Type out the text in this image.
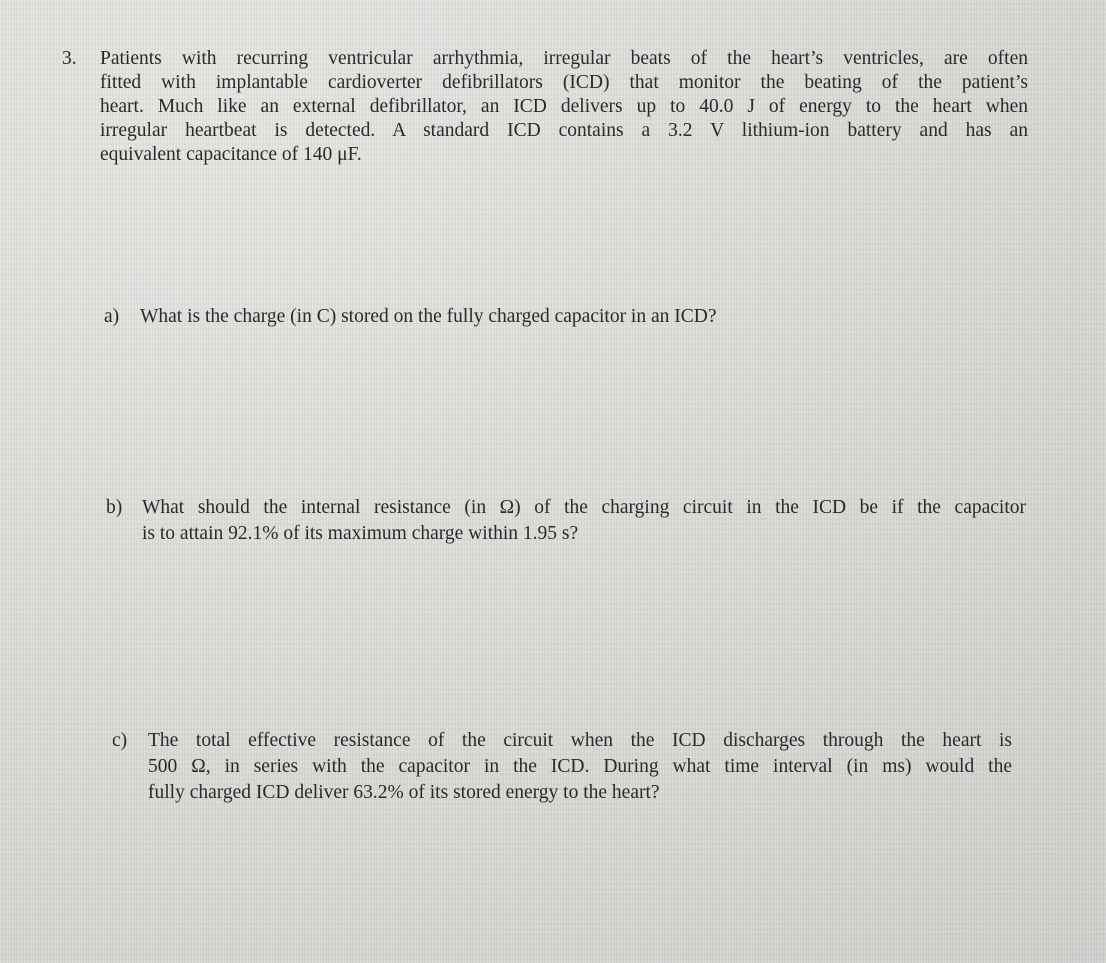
3. Patients with recurring ventricular arrhythmia, irregular beats of the heart’s ventricles, are often

fitted with implantable cardioverter defibrillators (ICD) that monitor the beating of the patient’s

heart. Much like an external defibrillator, an ICD delivers up to 40.0 J of energy to the heart when

irregular heartbeat is detected. A standard ICD contains a 3.2 V lithium-ion battery and has an

equivalent capacitance of 140 μF.

a) What is the charge (in C) stored on the fully charged capacitor in an ICD?

b) What should the internal resistance (in Ω) of the charging circuit in the ICD be if the capacitor

is to attain 92.1% of its maximum charge within 1.95 s?

c) The total effective resistance of the circuit when the ICD discharges through the heart is

500 Ω, in series with the capacitor in the ICD. During what time interval (in ms) would the

fully charged ICD deliver 63.2% of its stored energy to the heart?
